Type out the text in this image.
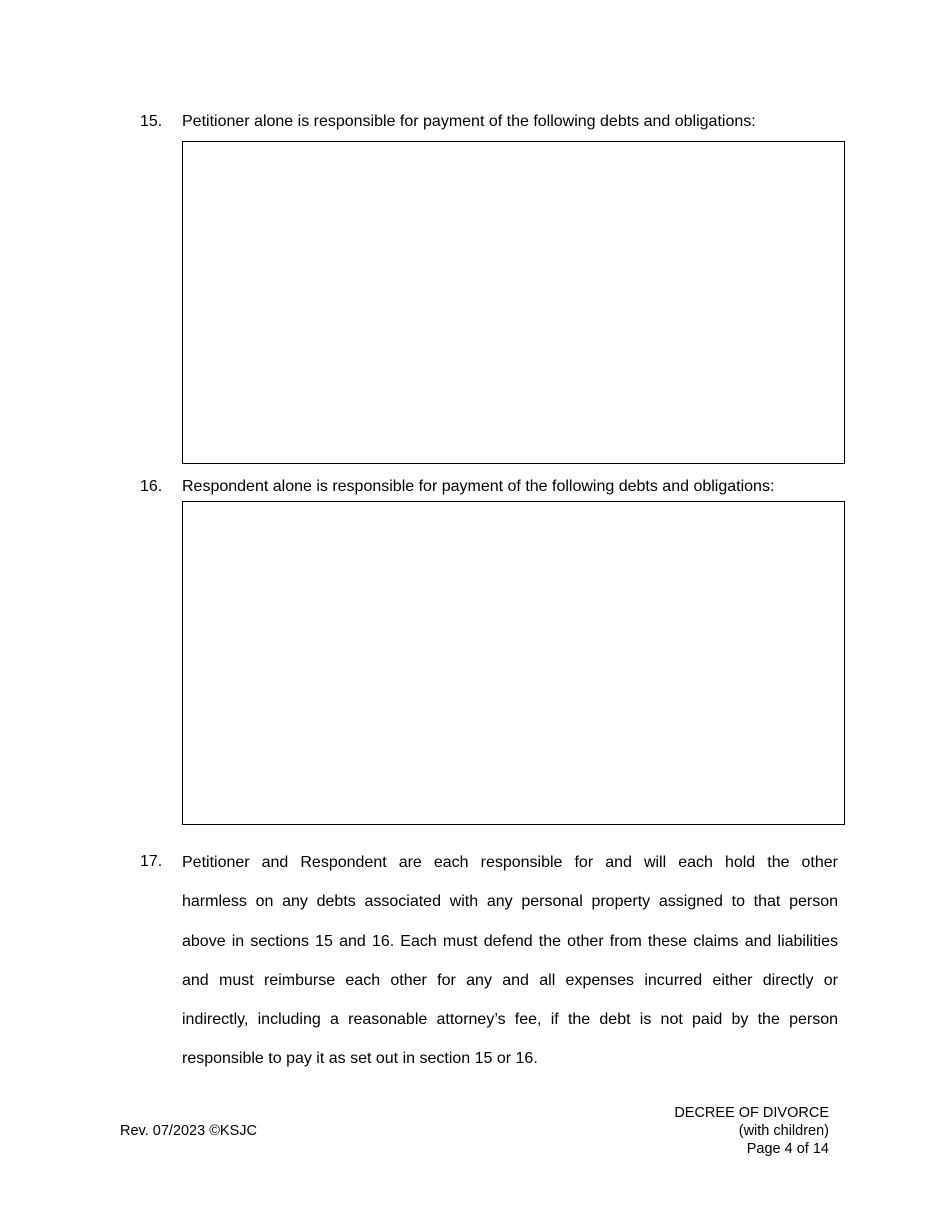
15.	Petitioner alone is responsible for payment of the following debts and obligations:
16.	Respondent alone is responsible for payment of the following debts and obligations:
17.	Petitioner and Respondent are each responsible for and will each hold the other
harmless on any debts associated with any personal property assigned to that person
above in sections 15 and 16. Each must defend the other from these claims and liabilities
and must reimburse each other for any and all expenses incurred either directly or
indirectly, including a reasonable attorney’s fee, if the debt is not paid by the person
responsible to pay it as set out in section 15 or 16.
Rev. 07/2023 ©KSJC
DECREE OF DIVORCE
(with children)
Page 4 of 14
